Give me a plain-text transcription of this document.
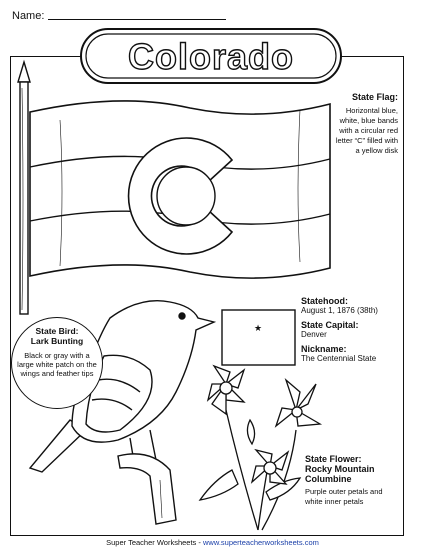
Name:
Colorado
★
State Flag:
Horizontal blue, white, blue bands with a circular red letter “C” filled with a yellow disk
Statehood:
August 1, 1876 (38th)
State Capital:
Denver
Nickname:
The Centennial State
State Bird:
Lark Bunting
Black or gray with a large white patch on the wings and feather tips
State Flower:
Rocky Mountain
Columbine
Purple outer petals and white inner petals
Super Teacher Worksheets - www.superteacherworksheets.com
